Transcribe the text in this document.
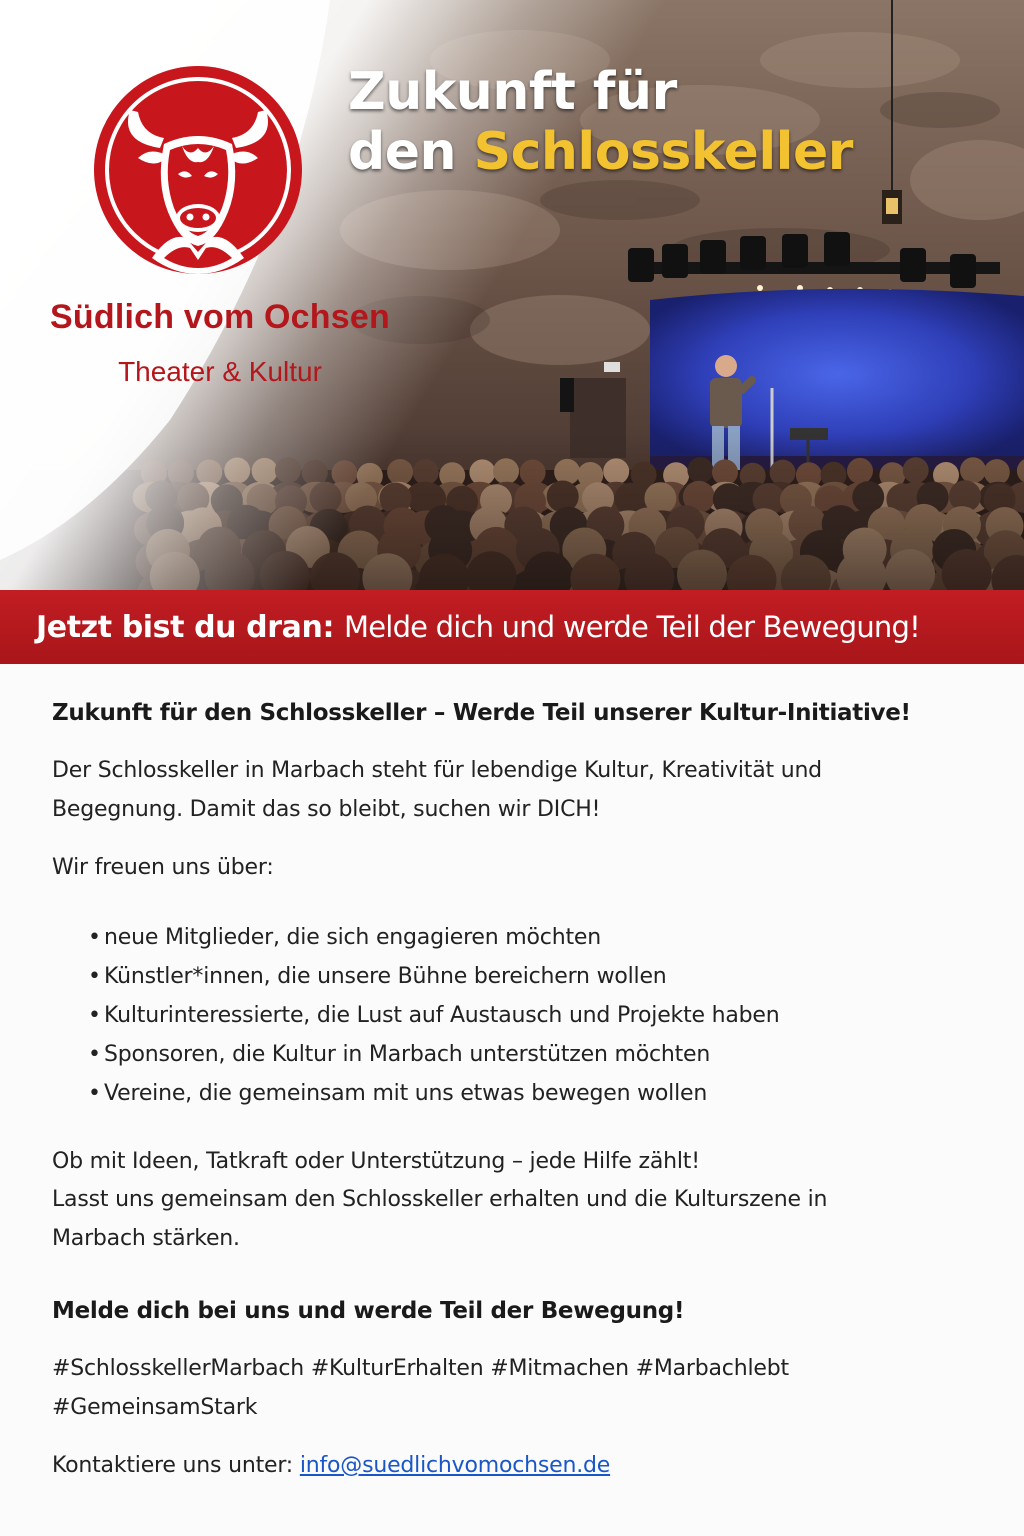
Südlich vom Ochsen
Theater & Kultur
Zukunft für
den Schlosskeller
Jetzt bist du dran: Melde dich und werde Teil der Bewegung!
Zukunft für den Schlosskeller – Werde Teil unserer Kultur-Initiative!
Der Schlosskeller in Marbach steht für lebendige Kultur, Kreativität und
Begegnung. Damit das so bleibt, suchen wir DICH!
Wir freuen uns über:
• neue Mitglieder, die sich engagieren möchten
• Künstler*innen, die unsere Bühne bereichern wollen
• Kulturinteressierte, die Lust auf Austausch und Projekte haben
• Sponsoren, die Kultur in Marbach unterstützen möchten
• Vereine, die gemeinsam mit uns etwas bewegen wollen
Ob mit Ideen, Tatkraft oder Unterstützung – jede Hilfe zählt!
Lasst uns gemeinsam den Schlosskeller erhalten und die Kulturszene in
Marbach stärken.
Melde dich bei uns und werde Teil der Bewegung!
#SchlosskellerMarbach #KulturErhalten #Mitmachen #Marbachlebt
#GemeinsamStark
Kontaktiere uns unter: info@suedlichvomochsen.de
